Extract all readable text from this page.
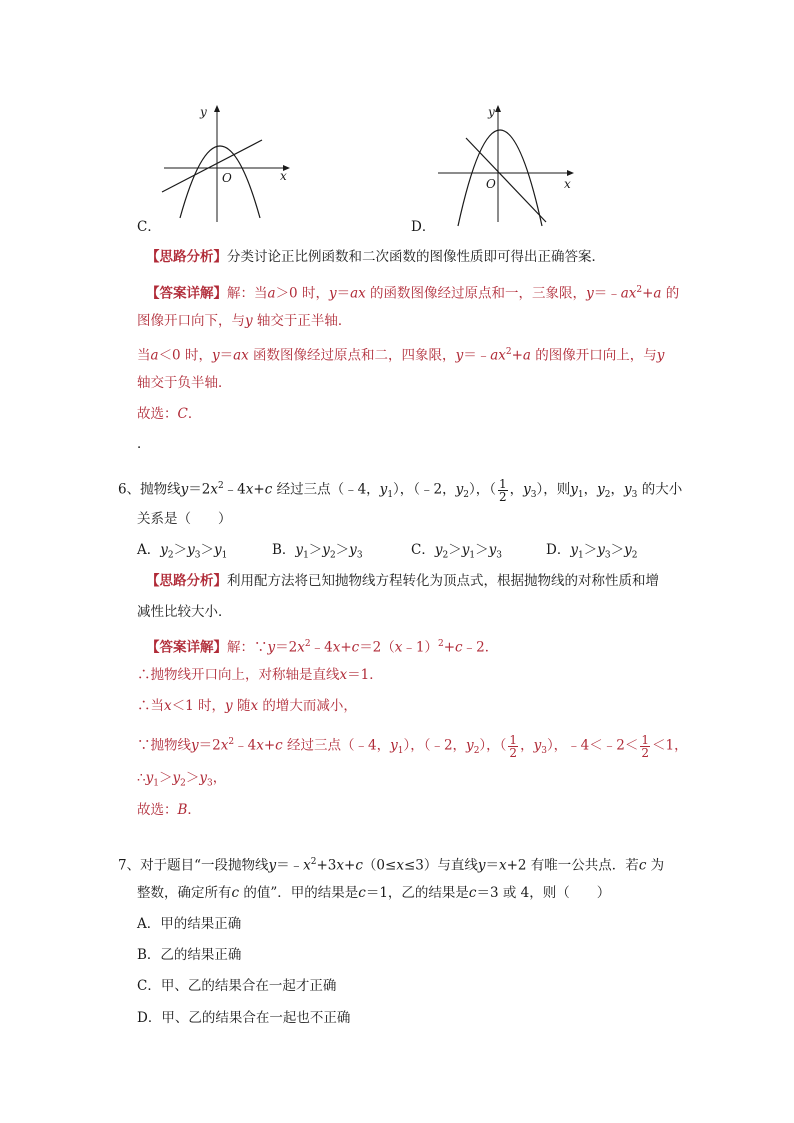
y
x
O
C．
y
x
O
D．
【思路分析】分类讨论正比例函数和二次函数的图像性质即可得出正确答案．
【答案详解】解：当a＞0 时，y＝ax 的函数图像经过原点和一，三象限，$y=﹣ax^2+a$ 的
图像开口向下，与y 轴交于正半轴．
当a＜0 时，y＝ax 函数图像经过原点和二，四象限，$y=﹣ax^2+a$ 的图像开口向上，与y
轴交于负半轴．
故选：C．
．
6、抛物线$y=2x^2﹣4x+c$ 经过三点（﹣4，$y_1$），（﹣2，$y_2$），（ $\frac{1}{2}$ ，$y_3$），则$y_1$，$y_2$，$y_3$ 的大小
关系是（　　）
A．$y_2>y_3>y_1$	B．$y_1>y_2>y_3$	C．$y_2>y_1>y_3$	D．$y_1>y_3>y_2$
【思路分析】利用配方法将已知抛物线方程转化为顶点式，根据抛物线的对称性质和增
减性比较大小．
【答案详解】解：$\because y=2x^2﹣4x+c=2(x﹣1)^2+c﹣2$．
∴抛物线开口向上，对称轴是直线x＝1．
∴当x＜1 时，y 随x 的增大而减小，
∵抛物线$y=2x^2﹣4x+c$ 经过三点（﹣4，$y_1$），（﹣2，$y_2$），（ $\frac{1}{2}$ ，$y_3$），﹣4＜﹣2＜ $\frac{1}{2} <1$，
$\therefore y_1>y_2>y_3$，
故选：B．
7、对于题目“一段抛物线$y=﹣x^2+3x+c(0\le x\le 3)$与直线y＝x+2 有唯一公共点．若c 为
整数，确定所有c 的值”．甲的结果是c＝1，乙的结果是c＝3 或 4，则（　　）
A．甲的结果正确
B．乙的结果正确
C．甲、乙的结果合在一起才正确
D．甲、乙的结果合在一起也不正确
